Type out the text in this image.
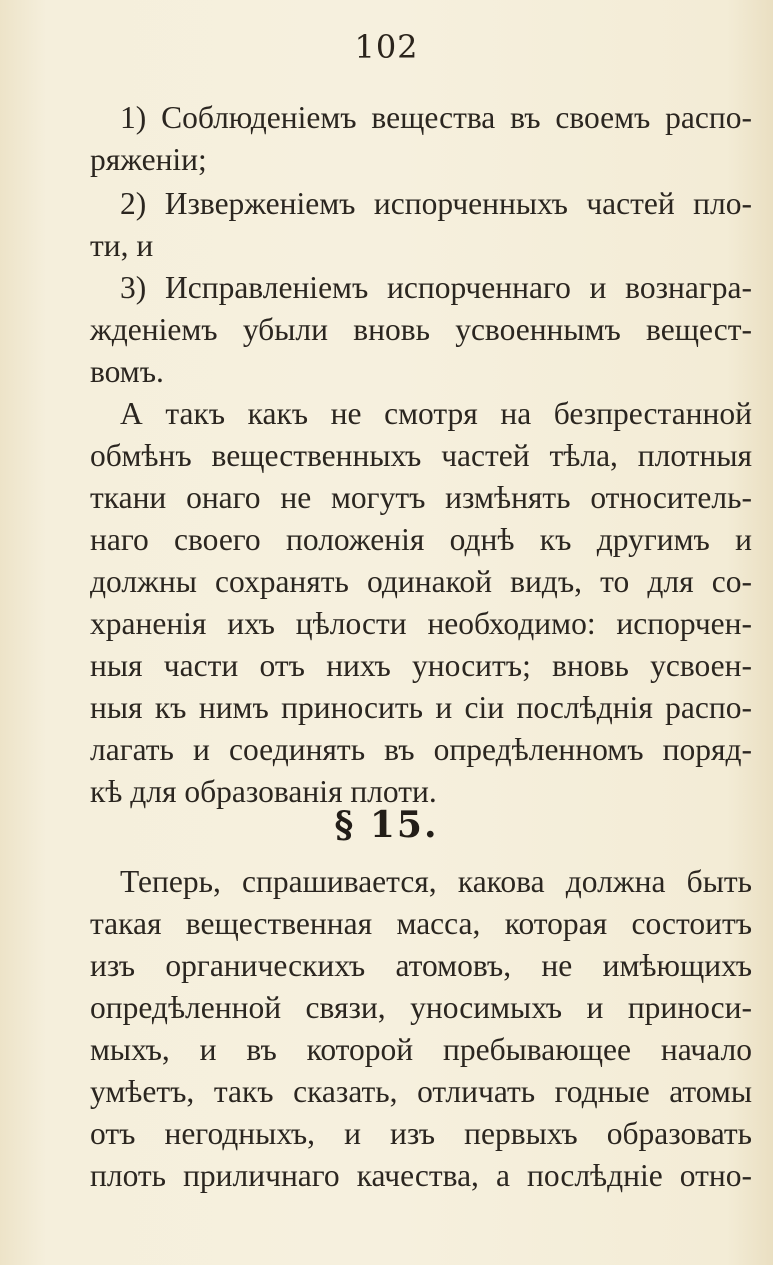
102
1) Соблюденіемъ вещества въ своемъ распо-
ряженіи;
2) Изверженіемъ испорченныхъ частей пло-
ти, и
3) Исправленіемъ испорченнаго и вознагра-
жденіемъ убыли вновь усвоеннымъ вещест-
вомъ.
А такъ какъ не смотря на безпрестанной
обмѣнъ вещественныхъ частей тѣла, плотныя
ткани онаго не могутъ измѣнять относитель-
наго своего положенія однѣ къ другимъ и
должны сохранять одинакой видъ, то для со-
храненія ихъ цѣлости необходимо: испорчен-
ныя части отъ нихъ уноситъ; вновь усвоен-
ныя къ нимъ приносить и сіи послѣднія распо-
лагать и соединять въ опредѣленномъ поряд-
кѣ для образованія плоти.
§ 15.
Теперь, спрашивается, какова должна быть
такая вещественная масса, которая состоитъ
изъ органическихъ атомовъ, не имѣющихъ
опредѣленной связи, уносимыхъ и приноси-
мыхъ, и въ которой пребывающее начало
умѣетъ, такъ сказать, отличать годные атомы
отъ негодныхъ, и изъ первыхъ образовать
плоть приличнаго качества, а послѣдніе отно-
